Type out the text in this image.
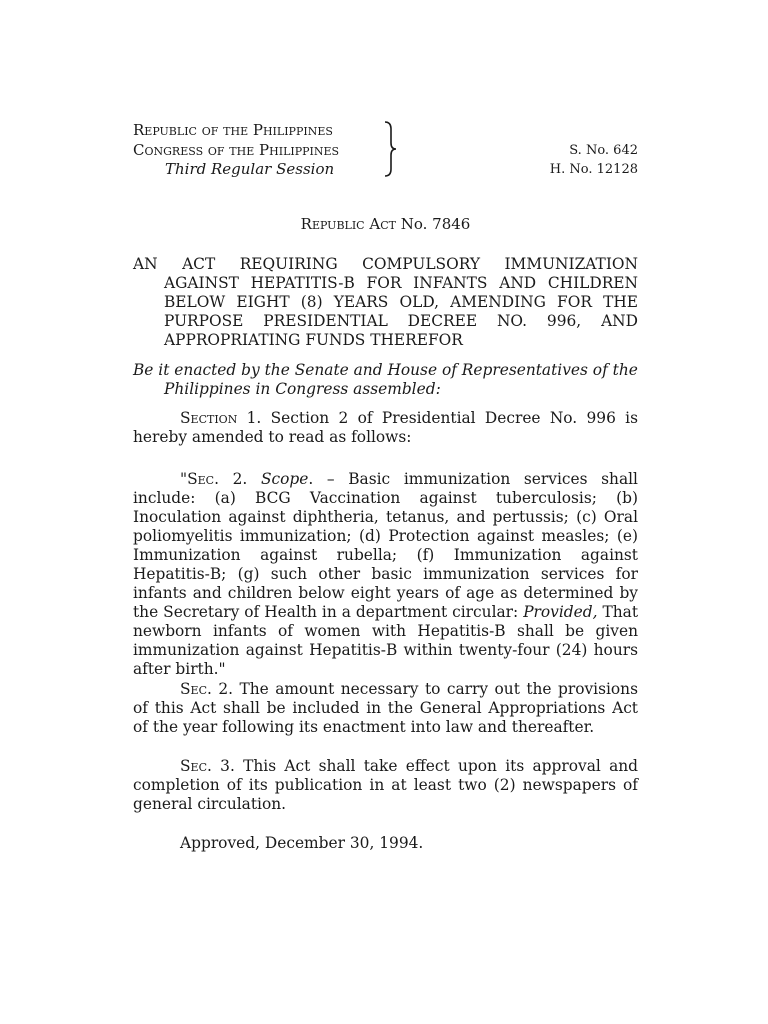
Republic of the Philippines
Congress of the Philippines
Third Regular Session
S. No. 642
H. No. 12128
Republic Act No. 7846
AN ACT REQUIRING COMPULSORY IMMUNIZATION AGAINST HEPATITIS-B FOR INFANTS AND CHILDREN BELOW EIGHT (8) YEARS OLD, AMENDING FOR THE PURPOSE PRESIDENTIAL DECREE NO. 996, AND APPROPRIATING FUNDS THEREFOR
Be it enacted by the Senate and House of Representatives of the Philippines in Congress assembled:
Section 1. Section 2 of Presidential Decree No. 996 is hereby amended to read as follows:
"Sec. 2. Scope. – Basic immunization services shall include: (a) BCG Vaccination against tuberculosis; (b) Inoculation against diphtheria, tetanus, and pertussis; (c) Oral poliomyelitis immunization; (d) Protection against measles; (e) Immunization against rubella; (f) Immunization against Hepatitis-B; (g) such other basic immunization services for infants and children below eight years of age as determined by the Secretary of Health in a department circular: Provided, That newborn infants of women with Hepatitis-B shall be given immunization against Hepatitis-B within twenty-four (24) hours after birth."
Sec. 2. The amount necessary to carry out the provisions of this Act shall be included in the General Appropriations Act of the year following its enactment into law and thereafter.
Sec. 3. This Act shall take effect upon its approval and completion of its publication in at least two (2) newspapers of general circulation.
Approved, December 30, 1994.
